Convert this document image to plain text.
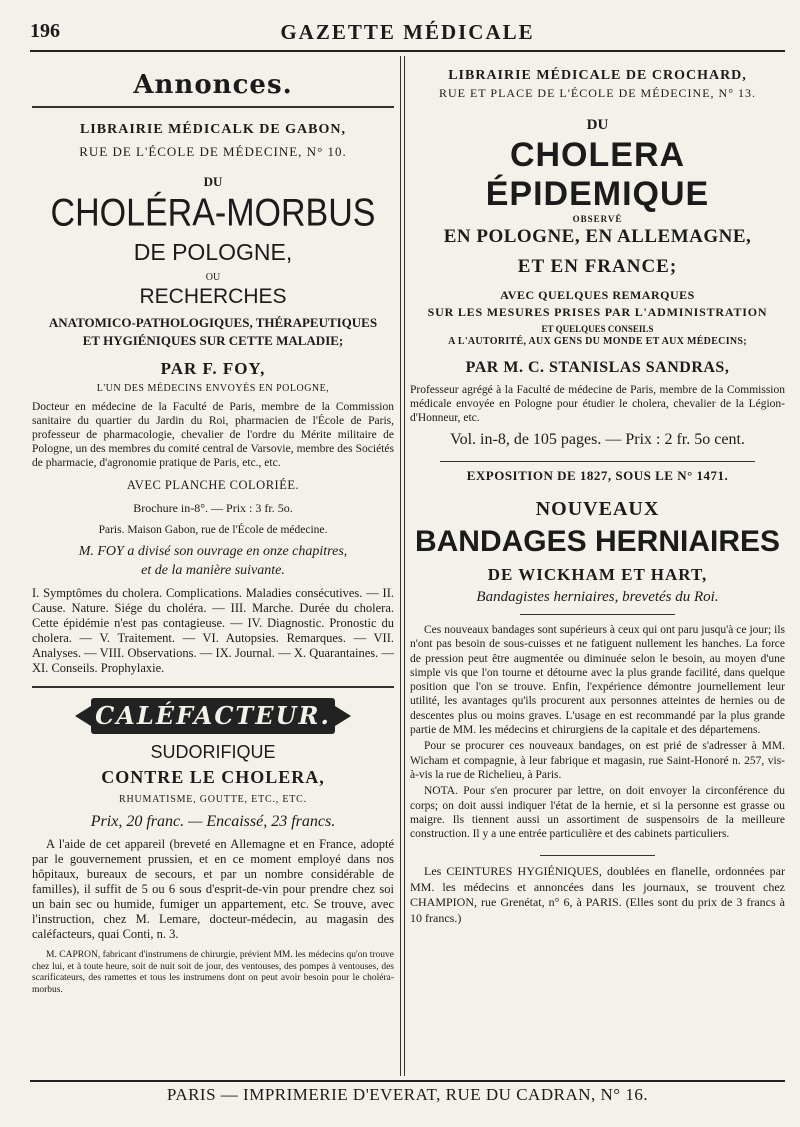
196	GAZETTE MÉDICALE
Annonces.
LIBRAIRIE MÉDICALK DE GABON,
RUE DE L'ÉCOLE DE MÉDECINE, N° 10.
DU
CHOLÉRA-MORBUS
DE POLOGNE,
OU
RECHERCHES
ANATOMICO-PATHOLOGIQUES, THÉRAPEUTIQUES
ET HYGIÉNIQUES SUR CETTE MALADIE;
PAR F. FOY,
L'UN DES MÉDECINS ENVOYÉS EN POLOGNE,
Docteur en médecine de la Faculté de Paris, membre de la Commission sanitaire du quartier du Jardin du Roi, pharmacien de l'École de Paris, professeur de pharmacologie, chevalier de l'ordre du Mérite militaire de Pologne, un des membres du comité central de Varsovie, membre des Sociétés de pharmacie, d'agronomie pratique de Paris, etc., etc.
AVEC PLANCHE COLORIÉE.
Brochure in-8°. — Prix : 3 fr. 5o.
Paris. Maison Gabon, rue de l'École de médecine.
M. FOY a divisé son ouvrage en onze chapitres,
et de la manière suivante.
I. Symptômes du cholera. Complications. Maladies consécutives. — II. Cause. Nature. Siége du choléra. — III. Marche. Durée du cholera. Cette épidémie n'est pas contagieuse. — IV. Diagnostic. Pronostic du cholera. — V. Traitement. — VI. Autopsies. Remarques. — VII. Analyses. — VIII. Observations. — IX. Journal. — X. Quarantaines. — XI. Conseils. Prophylaxie.
CALÉFACTEUR.
SUDORIFIQUE
CONTRE LE CHOLERA,
RHUMATISME, GOUTTE, ETC., ETC.
Prix, 20 franc. — Encaissé, 23 francs.
A l'aide de cet appareil (breveté en Allemagne et en France, adopté par le gouvernement prussien, et en ce moment employé dans nos hôpitaux, bureaux de secours, et par un nombre considérable de familles), il suffit de 5 ou 6 sous d'esprit-de-vin pour prendre chez soi un bain sec ou humide, fumiger un appartement, etc. Se trouve, avec l'instruction, chez M. Lemare, docteur-médecin, au magasin des caléfacteurs, quai Conti, n. 3.
M. CAPRON, fabricant d'instrumens de chirurgie, prévient MM. les médecins qu'on trouve chez lui, et à toute heure, soit de nuit soit de jour, des ventouses, des pompes à ventouses, des scarificateurs, des ramettes et tous les instrumens dont on peut avoir besoin pour le choléra-morbus.
LIBRAIRIE MÉDICALE DE CROCHARD,
RUE ET PLACE DE L'ÉCOLE DE MÉDECINE, N° 13.
DU
CHOLERA ÉPIDEMIQUE
OBSERVÉ
EN POLOGNE, EN ALLEMAGNE,
ET EN FRANCE;
AVEC QUELQUES REMARQUES
SUR LES MESURES PRISES PAR L'ADMINISTRATION
ET QUELQUES CONSEILS
A L'AUTORITÉ, AUX GENS DU MONDE ET AUX MÉDECINS;
PAR M. C. STANISLAS SANDRAS,
Professeur agrégé à la Faculté de médecine de Paris, membre de la Commission médicale envoyée en Pologne pour étudier le cholera, chevalier de la Légion-d'Honneur, etc.
Vol. in-8, de 105 pages. — Prix : 2 fr. 5o cent.
EXPOSITION DE 1827, SOUS LE N° 1471.
NOUVEAUX
BANDAGES HERNIAIRES
DE WICKHAM ET HART,
Bandagistes herniaires, brevetés du Roi.
Ces nouveaux bandages sont supérieurs à ceux qui ont paru jusqu'à ce jour; ils n'ont pas besoin de sous-cuisses et ne fatiguent nullement les hanches. La force de pression peut être augmentée ou diminuée selon le besoin, au moyen d'une simple vis que l'on tourne et détourne avec la plus grande facilité, dans quelque position que l'on se trouve. Enfin, l'expérience démontre journellement leur utilité, les avantages qu'ils procurent aux personnes atteintes de hernies ou de descentes plus ou moins graves. L'usage en est recommandé par la plus grande partie de MM. les médecins et chirurgiens de la capitale et des départemens.
Pour se procurer ces nouveaux bandages, on est prié de s'adresser à MM. Wicham et compagnie, à leur fabrique et magasin, rue Saint-Honoré n. 257, vis-à-vis la rue de Richelieu, à Paris.
NOTA. Pour s'en procurer par lettre, on doit envoyer la circonférence du corps; on doit aussi indiquer l'état de la hernie, et si la personne est grasse ou maigre. Ils tiennent aussi un assortiment de suspensoirs de la meilleure construction. Il y a une entrée particulière et des cabinets particuliers.
Les CEINTURES HYGIÉNIQUES, doublées en flanelle, ordonnées par MM. les médecins et annoncées dans les journaux, se trouvent chez CHAMPION, rue Grenétat, n° 6, à PARIS. (Elles sont du prix de 3 francs à 10 francs.)
PARIS — IMPRIMERIE D'EVERAT, RUE DU CADRAN, N° 16.
